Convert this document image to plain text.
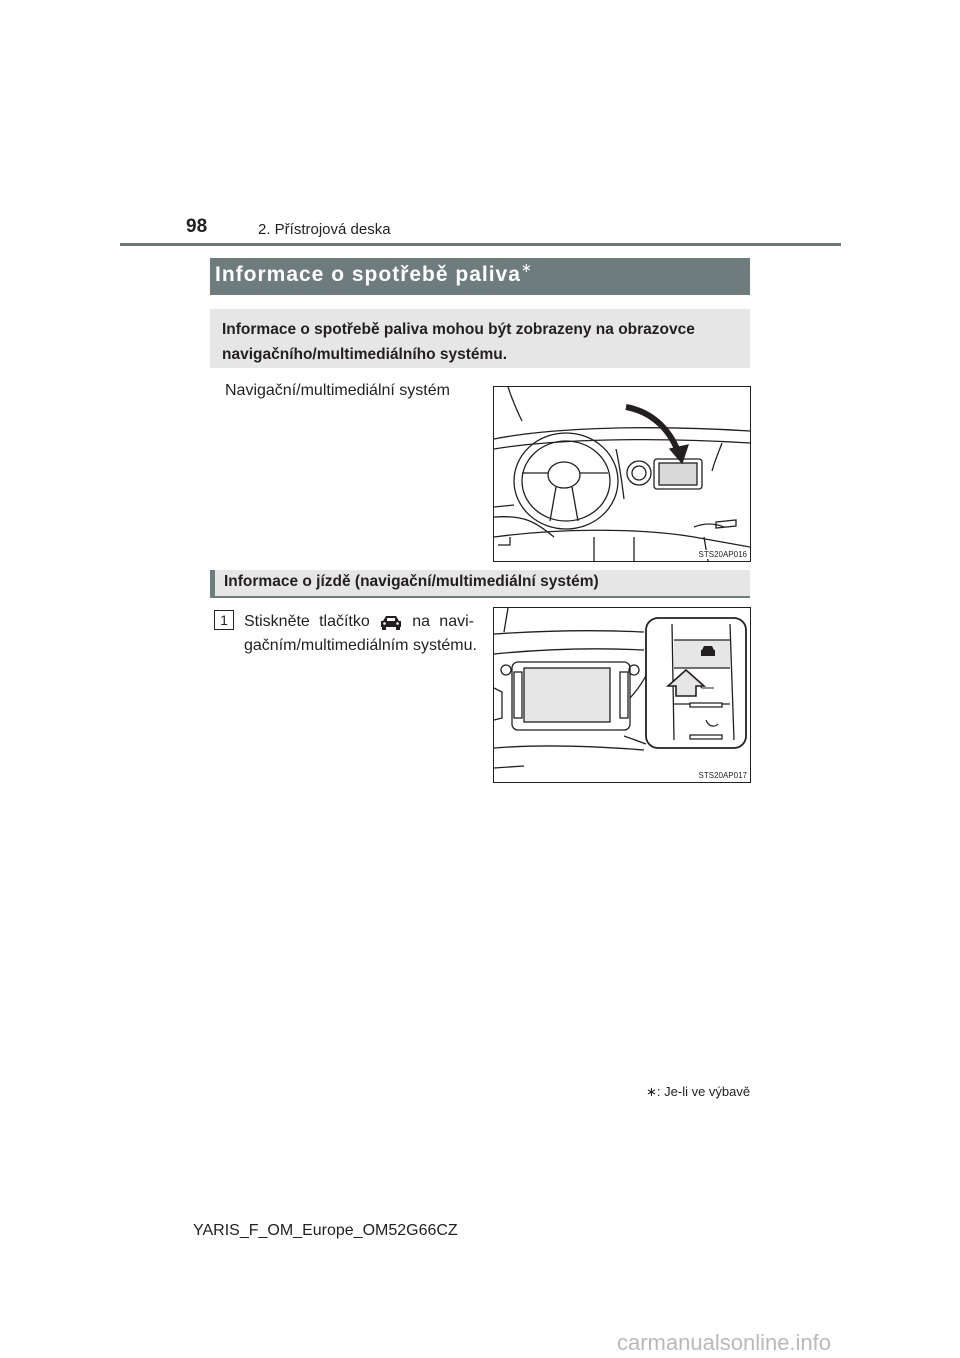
98	2. Přístrojová deska
Informace o spotřebě paliva∗
Informace o spotřebě paliva mohou být zobrazeny na obrazovce
navigačního/multimediálního systému.
Navigační/multimediální systém
STS20AP016
Informace o jízdě (navigační/multimediální systém)
1	Stiskněte tlačítko	na navi-
gačním/multimediálním systému.
STS20AP017
∗: Je-li ve výbavě
YARIS_F_OM_Europe_OM52G66CZ
carmanualsonline.info
